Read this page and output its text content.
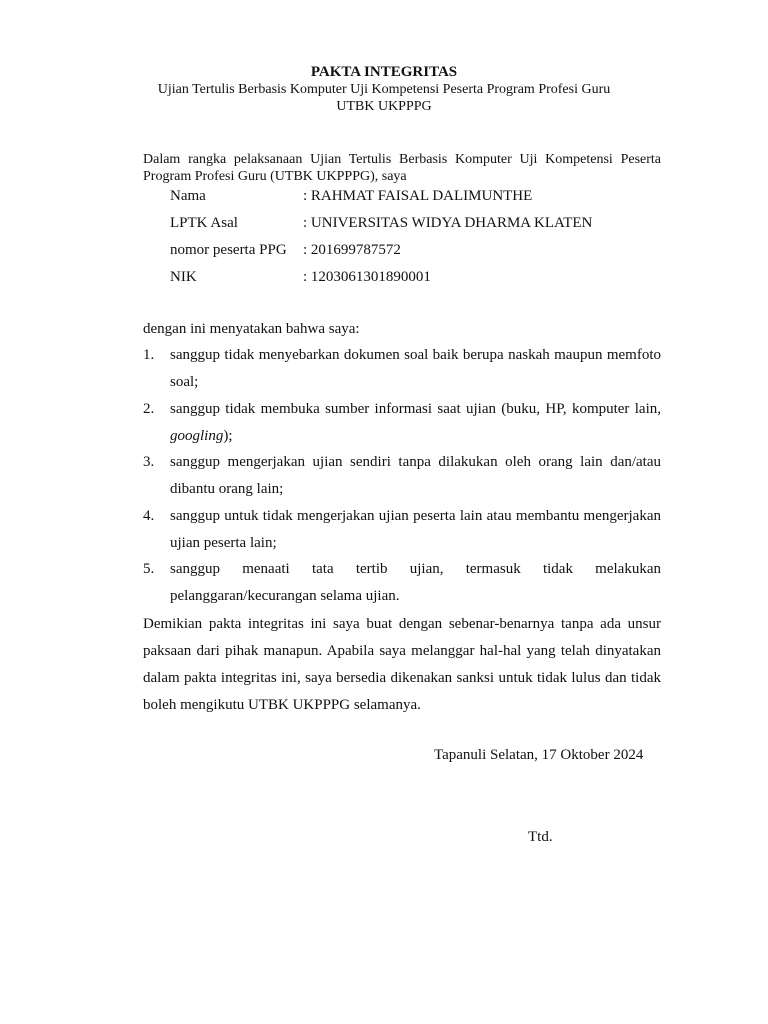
PAKTA INTEGRITAS
Ujian Tertulis Berbasis Komputer Uji Kompetensi Peserta Program Profesi Guru
UTBK UKPPPG
Dalam rangka pelaksanaan Ujian Tertulis Berbasis Komputer Uji Kompetensi Peserta Program Profesi Guru (UTBK UKPPPG), saya
Nama	: RAHMAT FAISAL DALIMUNTHE
LPTK Asal	: UNIVERSITAS WIDYA DHARMA KLATEN
nomor peserta PPG : 201699787572
NIK	: 1203061301890001
dengan ini menyatakan bahwa saya:
1. sanggup tidak menyebarkan dokumen soal baik berupa naskah maupun memfoto soal;
2. sanggup tidak membuka sumber informasi saat ujian (buku, HP, komputer lain, googling);
3. sanggup mengerjakan ujian sendiri tanpa dilakukan oleh orang lain dan/atau dibantu orang lain;
4. sanggup untuk tidak mengerjakan ujian peserta lain atau membantu mengerjakan ujian peserta lain;
5. sanggup menaati tata tertib ujian, termasuk tidak melakukan pelanggaran/kecurangan selama ujian.
Demikian pakta integritas ini saya buat dengan sebenar-benarnya tanpa ada unsur paksaan dari pihak manapun. Apabila saya melanggar hal-hal yang telah dinyatakan dalam pakta integritas ini, saya bersedia dikenakan sanksi untuk tidak lulus dan tidak boleh mengikutu UTBK UKPPPG selamanya.
Tapanuli Selatan, 17 Oktober 2024
Ttd.
